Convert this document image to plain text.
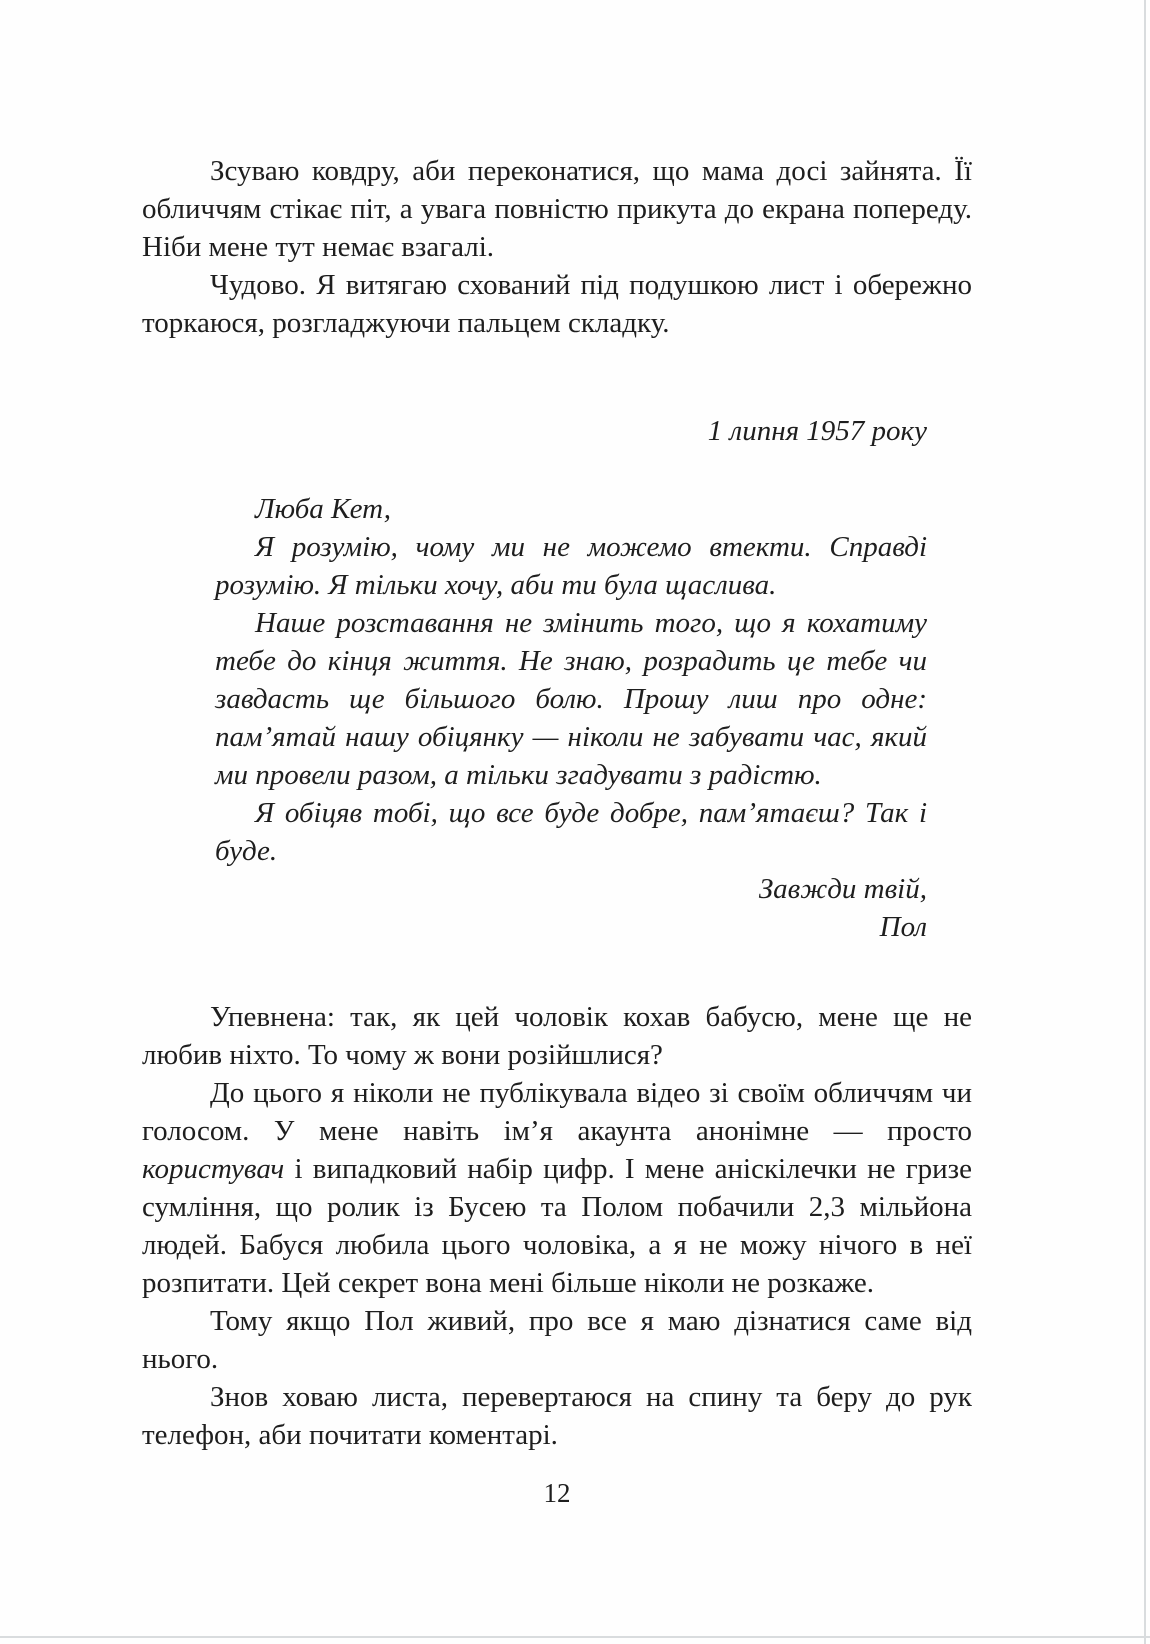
Зсуваю ковдру, аби переконатися, що мама досі зайнята. Її обличчям стікає піт, а увага повністю прикута до екрана попереду. Ніби мене тут немає взагалі.

Чудово. Я витягаю схований під подушкою лист і обережно торкаюся, розгладжуючи пальцем складку.

1 липня 1957 року

Люба Кет,

Я розумію, чому ми не можемо втекти. Справді розумію. Я тільки хочу, аби ти була щаслива.

Наше розставання не змінить того, що я кохатиму тебе до кінця життя. Не знаю, розрадить це тебе чи завдасть ще більшого болю. Прошу лиш про одне: пам’ятай нашу обіцянку — ніколи не забувати час, який ми провели разом, а тільки згадувати з радістю.

Я обіцяв тобі, що все буде добре, пам’ятаєш? Так і буде.

Завжди твій,

Пол

Упевнена: так, як цей чоловік кохав бабусю, мене ще не любив ніхто. То чому ж вони розійшлися?

До цього я ніколи не публікувала відео зі своїм обличчям чи голосом. У мене навіть ім’я акаунта анонімне — просто користувач і випадковий набір цифр. І мене аніскілечки не гризе сумління, що ролик із Бусею та Полом побачили 2,3 мільйона людей. Бабуся любила цього чоловіка, а я не можу нічого в неї розпитати. Цей секрет вона мені більше ніколи не розкаже.

Тому якщо Пол живий, про все я маю дізнатися саме від нього.

Знов ховаю листа, перевертаюся на спину та беру до рук телефон, аби почитати коментарі.

12
